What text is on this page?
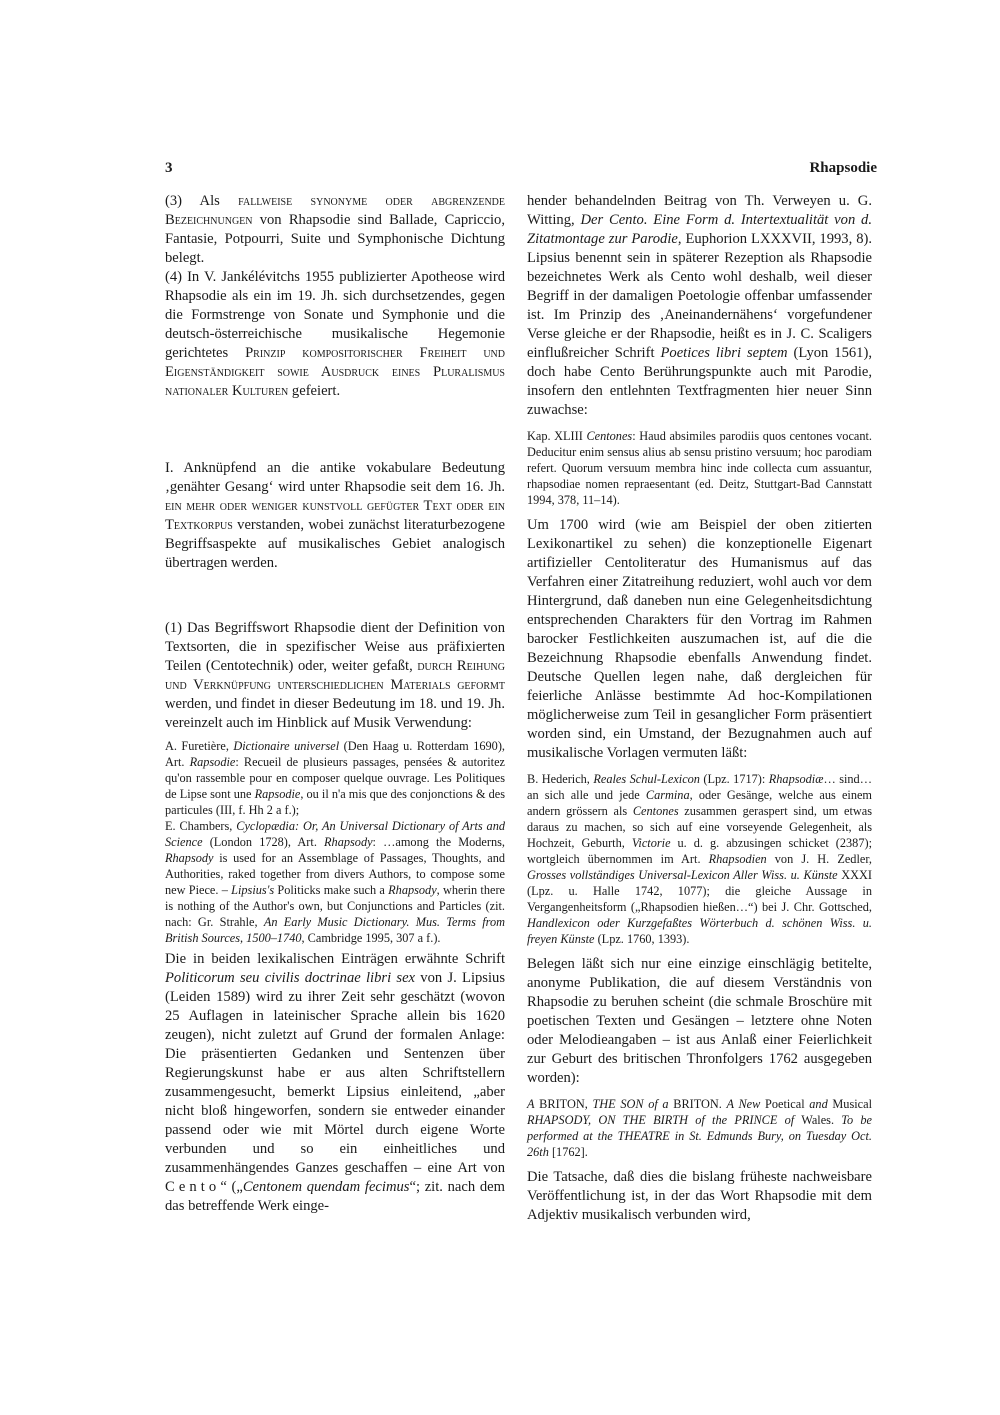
3	Rhapsodie

(3) Als fallweise synonyme oder abgrenzende Bezeichnungen von Rhapsodie sind Ballade, Capriccio, Fantasie, Potpourri, Suite und Symphonische Dichtung belegt.

(4) In V. Jankélévitchs 1955 publizierter Apotheose wird Rhapsodie als ein im 19. Jh. sich durchsetzendes, gegen die Formstrenge von Sonate und Symphonie und die deutsch-österreichische musikalische Hegemonie gerichtetes Prinzip kompositorischer Freiheit und Eigenständigkeit sowie Ausdruck eines Pluralismus nationaler Kulturen gefeiert.

I. Anknüpfend an die antike vokabulare Bedeutung ‚genähter Gesang‘ wird unter Rhapsodie seit dem 16. Jh. ein mehr oder weniger kunstvoll gefügter Text oder ein Textkorpus verstanden, wobei zunächst literaturbezogene Begriffsaspekte auf musikalisches Gebiet analogisch übertragen werden.

(1) Das Begriffswort Rhapsodie dient der Definition von Textsorten, die in spezifischer Weise aus präfixierten Teilen (Centotechnik) oder, weiter gefaßt, durch Reihung und Verknüpfung unterschiedlichen Materials geformt werden, und findet in dieser Bedeutung im 18. und 19. Jh. vereinzelt auch im Hinblick auf Musik Verwendung:

A. Furetière, Dictionaire universel (Den Haag u. Rotterdam 1690), Art. Rapsodie: Recueil de plusieurs passages, pensées & autoritez qu'on rassemble pour en composer quelque ouvrage. Les Politiques de Lipse sont une Rapsodie, ou il n'a mis que des conjonctions & des particules (III, f. Hh 2 a f.);

E. Chambers, Cyclopædia: Or, An Universal Dictionary of Arts and Science (London 1728), Art. Rhapsody: …among the Moderns, Rhapsody is used for an Assemblage of Passages, Thoughts, and Authorities, raked together from divers Authors, to compose some new Piece. – Lipsius's Politicks make such a Rhapsody, wherin there is nothing of the Author's own, but Conjunctions and Particles (zit. nach: Gr. Strahle, An Early Music Dictionary. Mus. Terms from British Sources, 1500–1740, Cambridge 1995, 307 a f.).

Die in beiden lexikalischen Einträgen erwähnte Schrift Politicorum seu civilis doctrinae libri sex von J. Lipsius (Leiden 1589) wird zu ihrer Zeit sehr geschätzt (wovon 25 Auflagen in lateinischer Sprache allein bis 1620 zeugen), nicht zuletzt auf Grund der formalen Anlage: Die präsentierten Gedanken und Sentenzen über Regierungskunst habe er aus alten Schriftstellern zusammengesucht, bemerkt Lipsius einleitend, „aber nicht bloß hingeworfen, sondern sie entweder einander passend oder wie mit Mörtel durch eigene Worte verbunden und so ein einheitliches und zusammenhängendes Ganzes geschaffen – eine Art von Cento“ („Centonem quendam fecimus“; zit. nach dem das betreffende Werk einge-

hender behandelnden Beitrag von Th. Verweyen u. G. Witting, Der Cento. Eine Form d. Intertextualität von d. Zitatmontage zur Parodie, Euphorion LXXXVII, 1993, 8). Lipsius benennt sein in späterer Rezeption als Rhapsodie bezeichnetes Werk als Cento wohl deshalb, weil dieser Begriff in der damaligen Poetologie offenbar umfassender ist. Im Prinzip des ‚Aneinandernähens‘ vorgefundener Verse gleiche er der Rhapsodie, heißt es in J. C. Scaligers einflußreicher Schrift Poetices libri septem (Lyon 1561), doch habe Cento Berührungspunkte auch mit Parodie, insofern den entlehnten Textfragmenten hier neuer Sinn zuwachse:

Kap. XLIII Centones: Haud absimiles parodiis quos centones vocant. Deducitur enim sensus alius ab sensu pristino versuum; hoc parodiam refert. Quorum versuum membra hinc inde collecta cum assuantur, rhapsodiae nomen repraesentant (ed. Deitz, Stuttgart-Bad Cannstatt 1994, 378, 11–14).

Um 1700 wird (wie am Beispiel der oben zitierten Lexikonartikel zu sehen) die konzeptionelle Eigenart artifizieller Centoliteratur des Humanismus auf das Verfahren einer Zitatreihung reduziert, wohl auch vor dem Hintergrund, daß daneben nun eine Gelegenheitsdichtung entsprechenden Charakters für den Vortrag im Rahmen barocker Festlichkeiten auszumachen ist, auf die die Bezeichnung Rhapsodie ebenfalls Anwendung findet. Deutsche Quellen legen nahe, daß dergleichen für feierliche Anlässe bestimmte Ad hoc-Kompilationen möglicherweise zum Teil in gesanglicher Form präsentiert worden sind, ein Umstand, der Bezugnahmen auch auf musikalische Vorlagen vermuten läßt:

B. Hederich, Reales Schul-Lexicon (Lpz. 1717): Rhapsodiæ… sind… an sich alle und jede Carmina, oder Gesänge, welche aus einem andern grössern als Centones zusammen geraspert sind, um etwas daraus zu machen, so sich auf eine vorseyende Gelegenheit, als Hochzeit, Geburth, Victorie u. d. g. abzusingen schicket (2387); wortgleich übernommen im Art. Rhapsodien von J. H. Zedler, Grosses vollständiges Universal-Lexicon Aller Wiss. u. Künste XXXI (Lpz. u. Halle 1742, 1077); die gleiche Aussage in Vergangenheitsform („Rhapsodien hießen…“) bei J. Chr. Gottsched, Handlexicon oder Kurzgefaßtes Wörterbuch d. schönen Wiss. u. freyen Künste (Lpz. 1760, 1393).

Belegen läßt sich nur eine einzige einschlägig betitelte, anonyme Publikation, die auf diesem Verständnis von Rhapsodie zu beruhen scheint (die schmale Broschüre mit poetischen Texten und Gesängen – letztere ohne Noten oder Melodieangaben – ist aus Anlaß einer Feierlichkeit zur Geburt des britischen Thronfolgers 1762 ausgegeben worden):

A BRITON, THE SON of a BRITON. A New Poetical and Musical RHAPSODY, ON THE BIRTH of the PRINCE of Wales. To be performed at the THEATRE in St. Edmunds Bury, on Tuesday Oct. 26th [1762].

Die Tatsache, daß dies die bislang früheste nachweisbare Veröffentlichung ist, in der das Wort Rhapsodie mit dem Adjektiv musikalisch verbunden wird,
